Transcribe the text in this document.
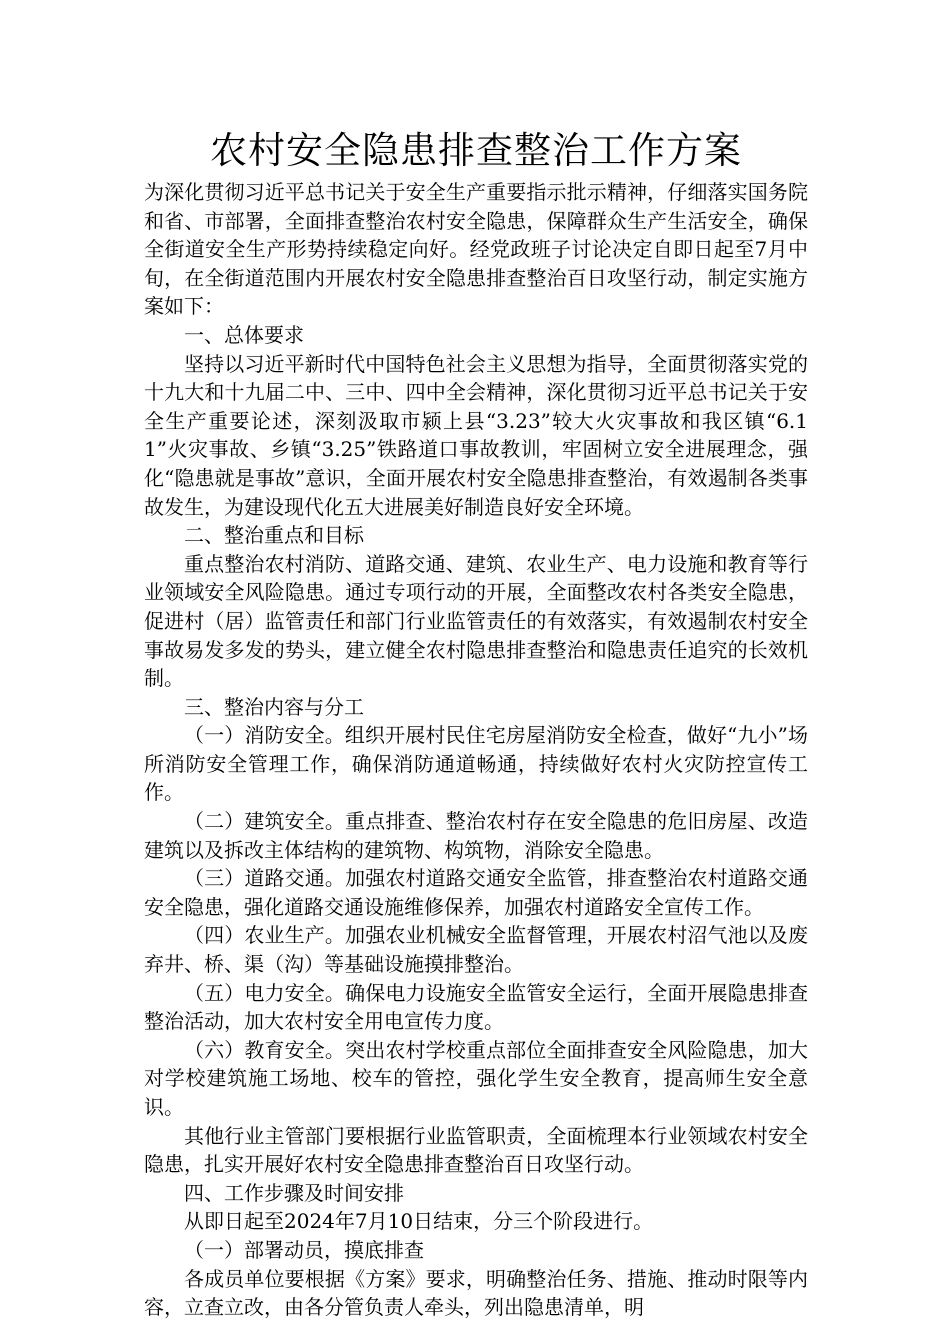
农村安全隐患排查整治工作方案

为深化贯彻习近平总书记关于安全生产重要指示批示精神，仔细落实国务院和省、市部署，全面排查整治农村安全隐患，保障群众生产生活安全，确保全街道安全生产形势持续稳定向好。经党政班子讨论决定自即日起至7月中旬，在全街道范围内开展农村安全隐患排查整治百日攻坚行动，制定实施方案如下：

一、总体要求

坚持以习近平新时代中国特色社会主义思想为指导，全面贯彻落实党的十九大和十九届二中、三中、四中全会精神，深化贯彻习近平总书记关于安全生产重要论述，深刻汲取市颍上县“3.23”较大火灾事故和我区镇“6.11”火灾事故、乡镇“3.25”铁路道口事故教训，牢固树立安全进展理念，强化“隐患就是事故”意识，全面开展农村安全隐患排查整治，有效遏制各类事故发生，为建设现代化五大进展美好制造良好安全环境。

二、整治重点和目标

重点整治农村消防、道路交通、建筑、农业生产、电力设施和教育等行业领域安全风险隐患。通过专项行动的开展，全面整改农村各类安全隐患，促进村（居）监管责任和部门行业监管责任的有效落实，有效遏制农村安全事故易发多发的势头，建立健全农村隐患排查整治和隐患责任追究的长效机制。

三、整治内容与分工

（一）消防安全。组织开展村民住宅房屋消防安全检查，做好“九小”场所消防安全管理工作，确保消防通道畅通，持续做好农村火灾防控宣传工作。

（二）建筑安全。重点排查、整治农村存在安全隐患的危旧房屋、改造建筑以及拆改主体结构的建筑物、构筑物，消除安全隐患。

（三）道路交通。加强农村道路交通安全监管，排查整治农村道路交通安全隐患，强化道路交通设施维修保养，加强农村道路安全宣传工作。

（四）农业生产。加强农业机械安全监督管理，开展农村沼气池以及废弃井、桥、渠（沟）等基础设施摸排整治。

（五）电力安全。确保电力设施安全监管安全运行，全面开展隐患排查整治活动，加大农村安全用电宣传力度。

（六）教育安全。突出农村学校重点部位全面排查安全风险隐患，加大对学校建筑施工场地、校车的管控，强化学生安全教育，提高师生安全意识。

其他行业主管部门要根据行业监管职责，全面梳理本行业领域农村安全隐患，扎实开展好农村安全隐患排查整治百日攻坚行动。

四、工作步骤及时间安排

从即日起至2024年7月10日结束，分三个阶段进行。

（一）部署动员，摸底排查

各成员单位要根据《方案》要求，明确整治任务、措施、推动时限等内容，立查立改，由各分管负责人牵头，列出隐患清单，明
